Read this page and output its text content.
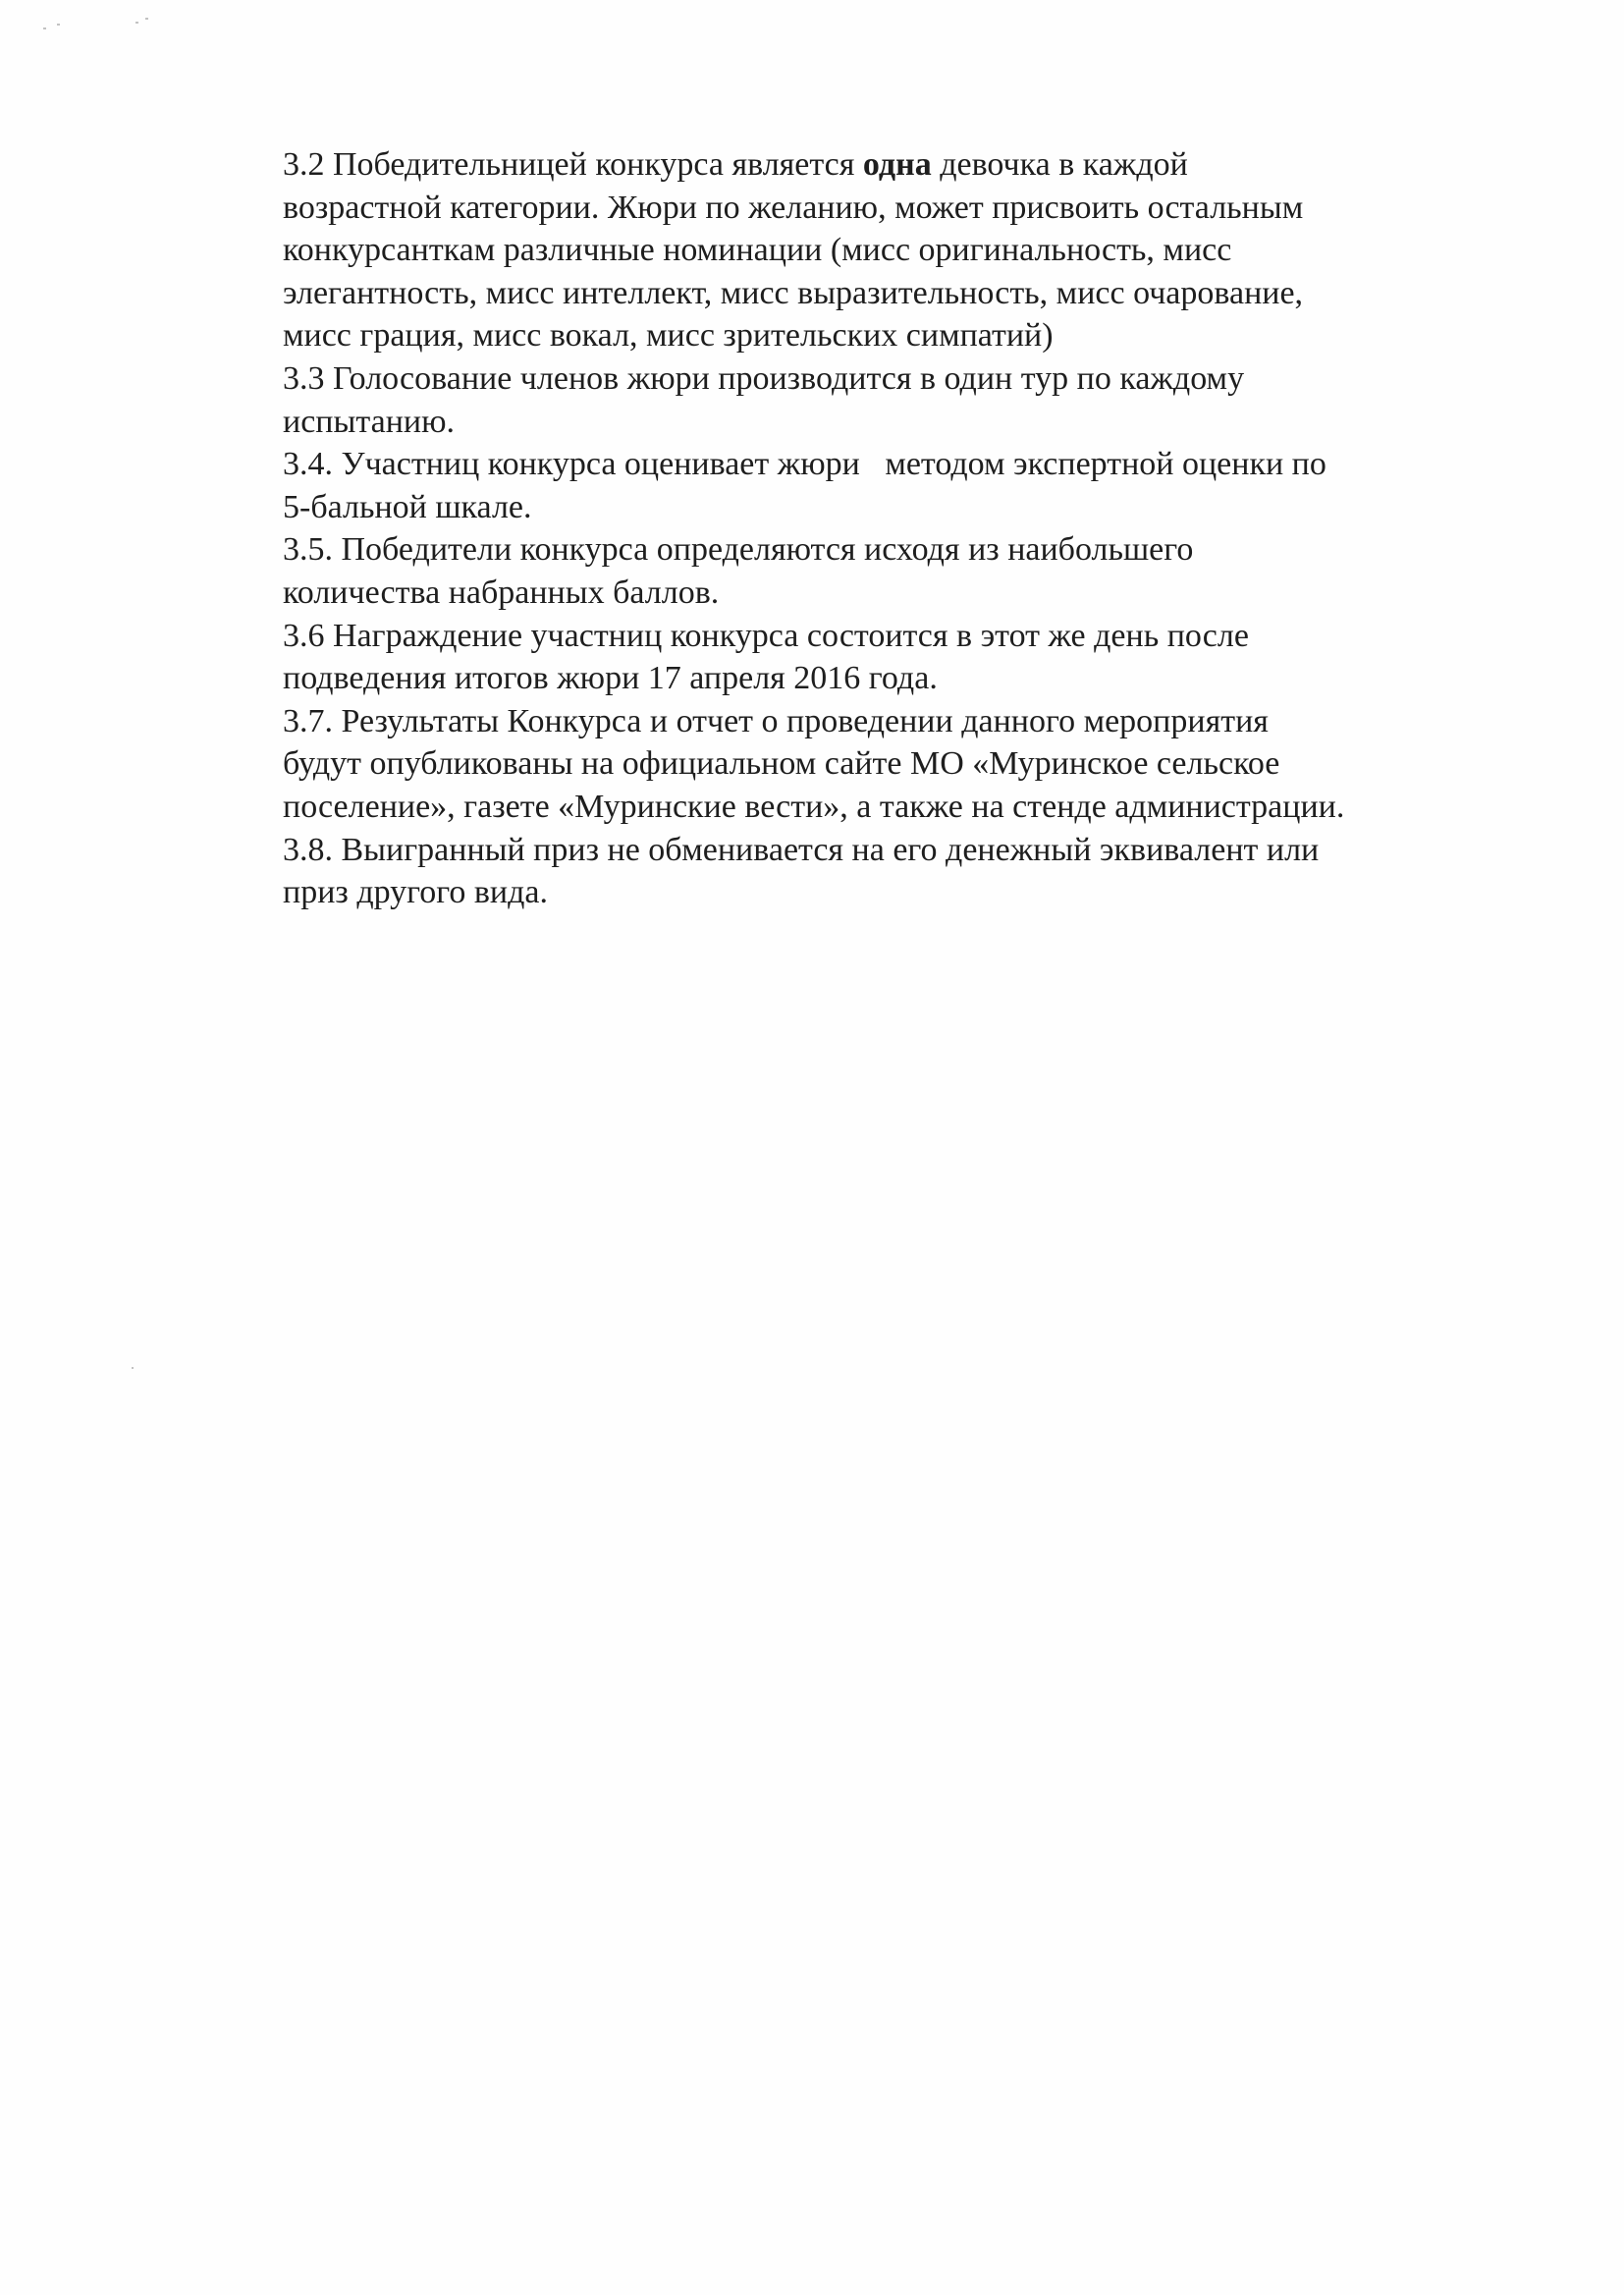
3.2 Победительницей конкурса является одна девочка в каждой
возрастной категории. Жюри по желанию, может присвоить остальным
конкурсанткам различные номинации (мисс оригинальность, мисс
элегантность, мисс интеллект, мисс выразительность, мисс очарование,
мисс грация, мисс вокал, мисс зрительских симпатий)

3.3 Голосование членов жюри производится в один тур по каждому
испытанию.

3.4. Участниц конкурса оценивает жюри   методом экспертной оценки по
5-бальной шкале.

3.5. Победители конкурса определяются исходя из наибольшего
количества набранных баллов.

3.6 Награждение участниц конкурса состоится в этот же день после
подведения итогов жюри 17 апреля 2016 года.

3.7. Результаты Конкурса и отчет о проведении данного мероприятия
будут опубликованы на официальном сайте МО «Муринское сельское
поселение», газете «Муринские вести», а также на стенде администрации.

3.8. Выигранный приз не обменивается на его денежный эквивалент или
приз другого вида.
